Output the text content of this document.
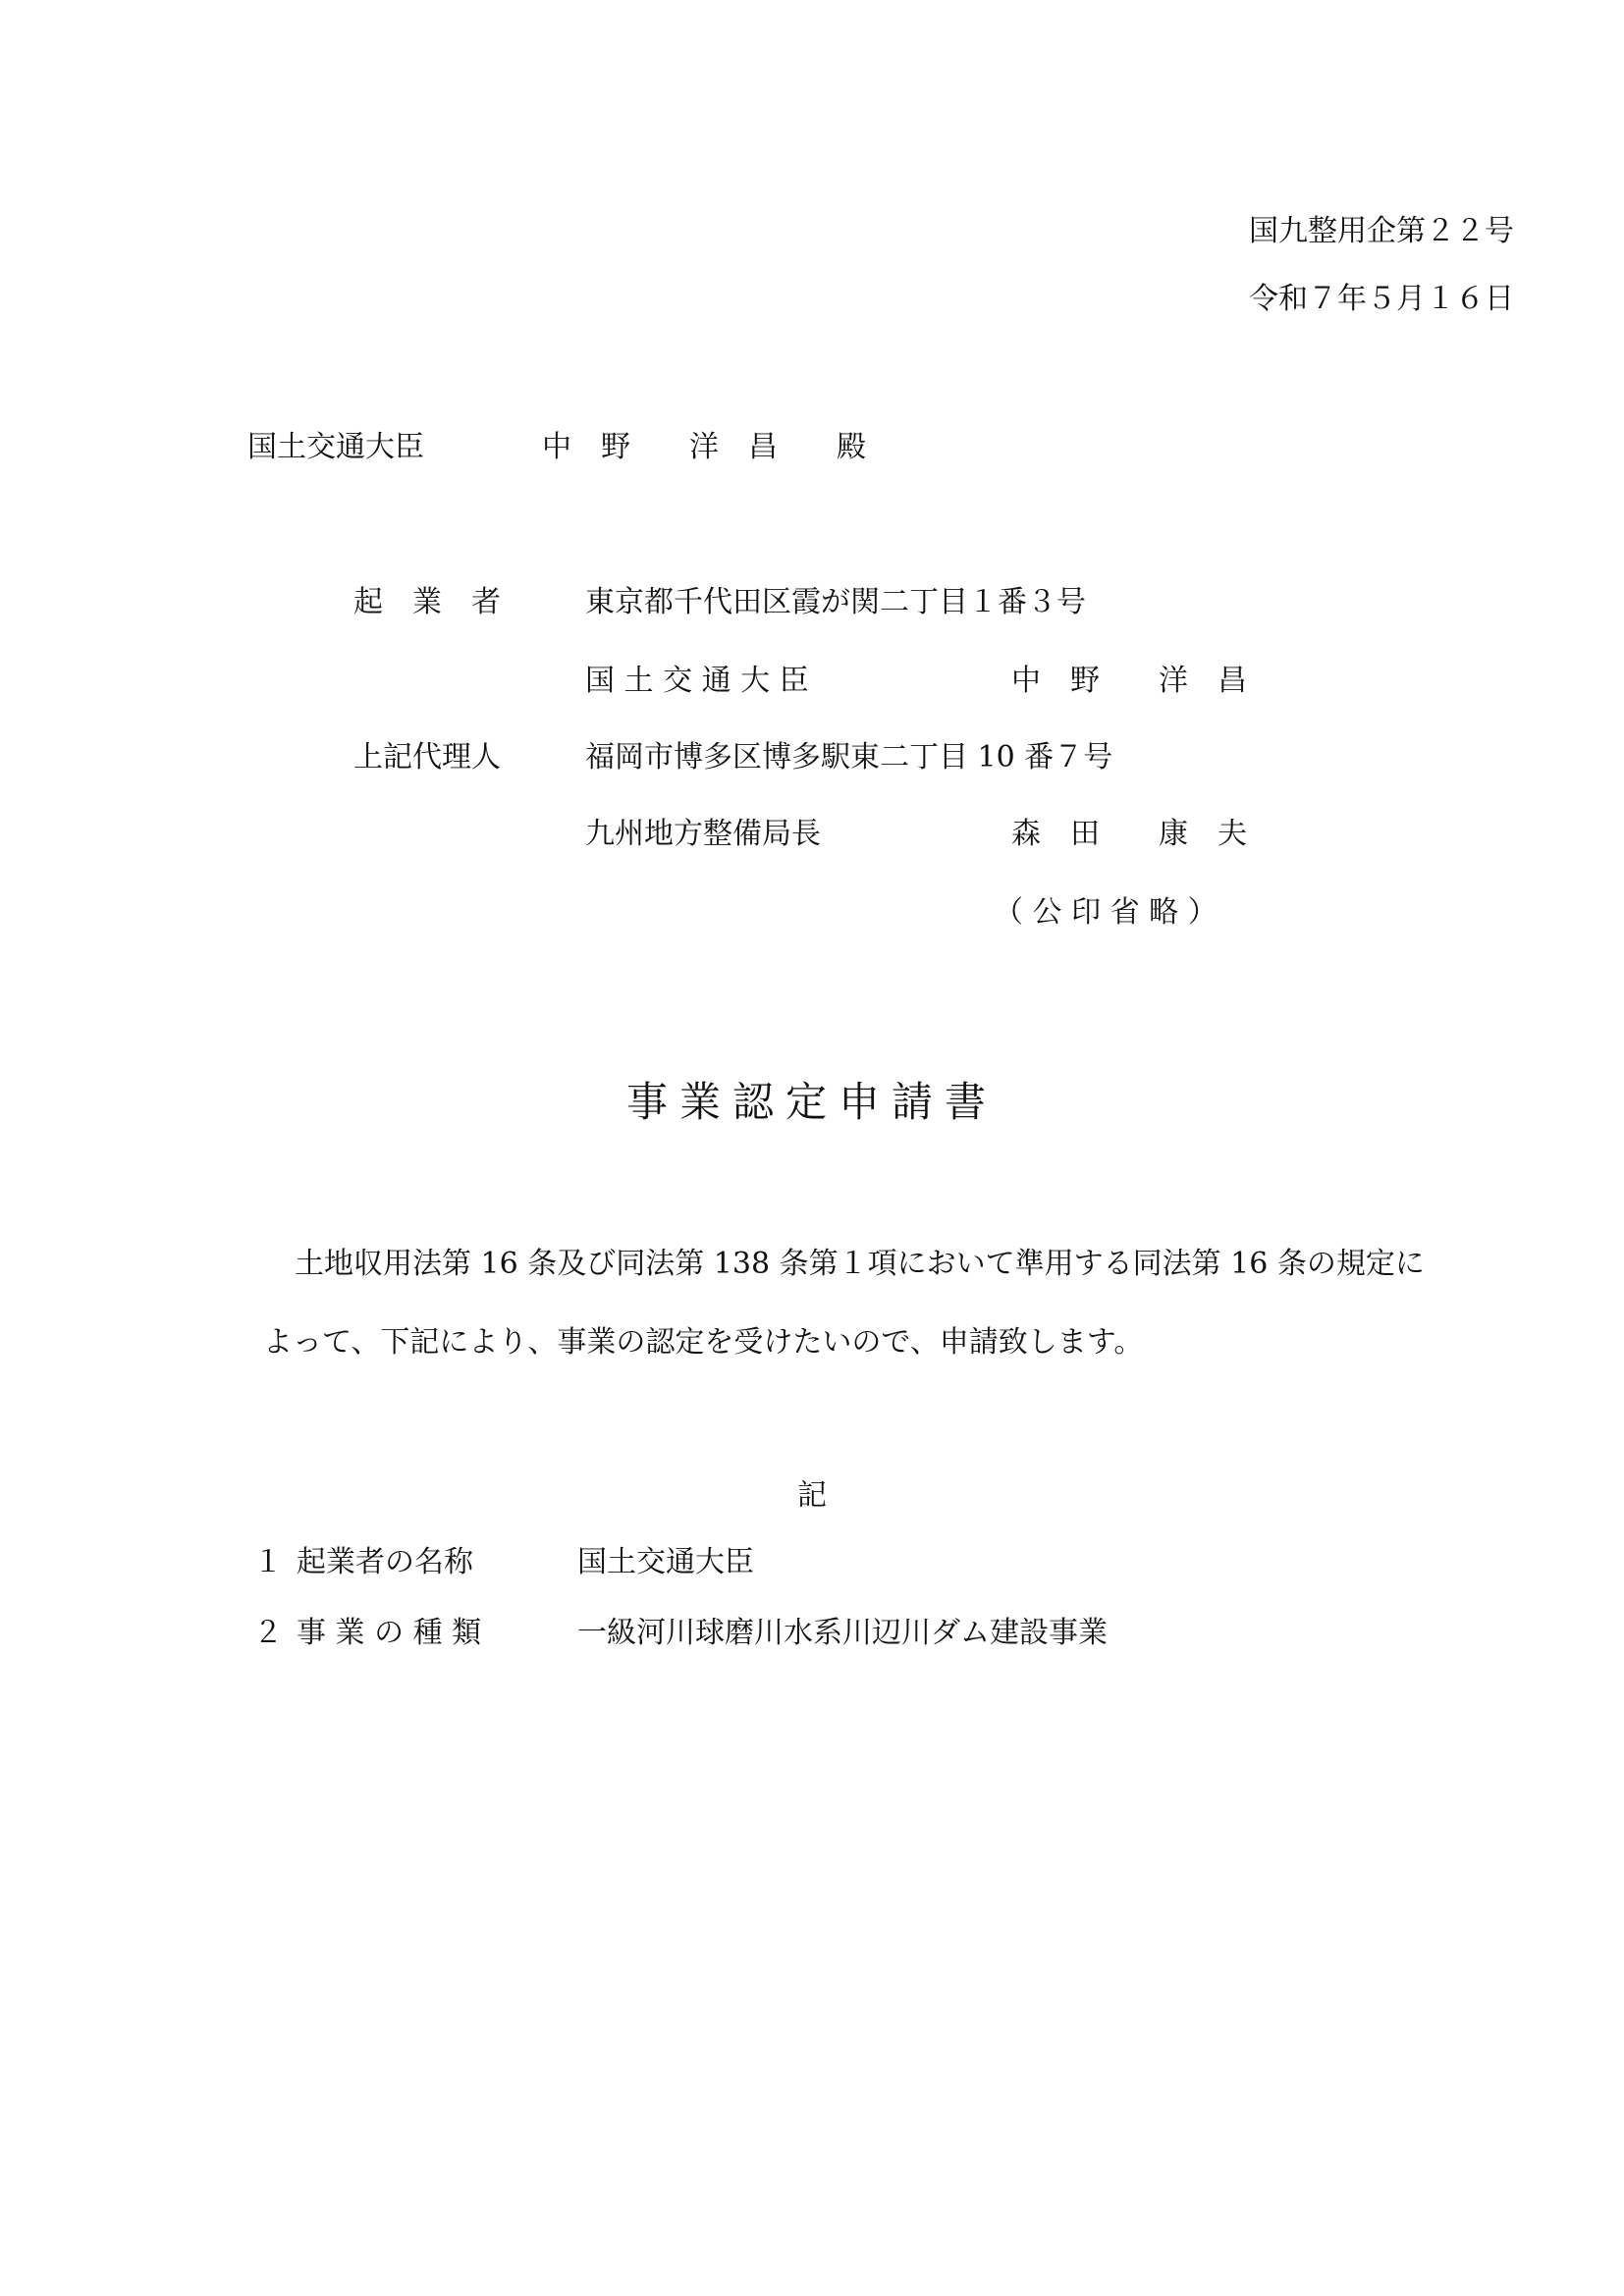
国九整用企第２２号

令和７年５月１６日

国土交通大臣	中　野　　洋　昌　　殿
起　業　者	東京都千代田区霞が関二丁目１番３号
国 土 交 通 大 臣	中　野　　洋　昌
上記代理人	福岡市博多区博多駅東二丁目 10 番７号
九州地方整備局長	森　田　　康　夫
（ 公 印 省 略 ）
事業認定申請書

土地収用法第 16 条及び同法第 138 条第１項において準用する同法第 16 条の規定に

よって、下記により、事業の認定を受けたいので、申請致します。

記
１ 起業者の名称	国土交通大臣
２ 事 業 の 種 類	一級河川球磨川水系川辺川ダム建設事業
